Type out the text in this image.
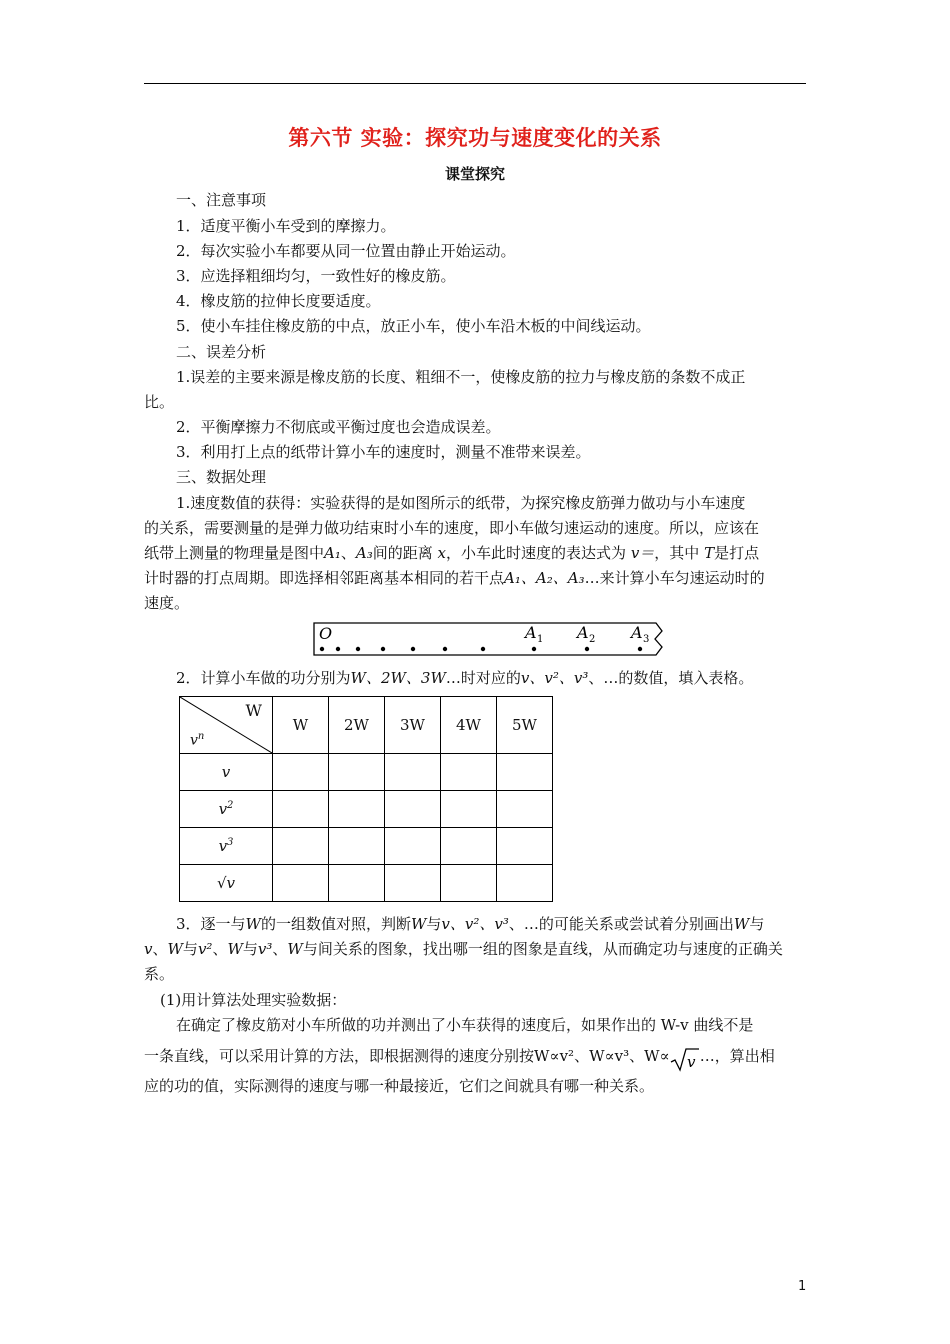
第六节 实验：探究功与速度变化的关系
课堂探究
一、注意事项
1．适度平衡小车受到的摩擦力。
2．每次实验小车都要从同一位置由静止开始运动。
3．应选择粗细均匀，一致性好的橡皮筋。
4．橡皮筋的拉伸长度要适度。
5．使小车挂住橡皮筋的中点，放正小车，使小车沿木板的中间线运动。
二、误差分析
1.误差的主要来源是橡皮筋的长度、粗细不一，使橡皮筋的拉力与橡皮筋的条数不成正
比。
2．平衡摩擦力不彻底或平衡过度也会造成误差。
3．利用打上点的纸带计算小车的速度时，测量不准带来误差。
三、数据处理
1.速度数值的获得：实验获得的是如图所示的纸带，为探究橡皮筋弹力做功与小车速度
的关系，需要测量的是弹力做功结束时小车的速度，即小车做匀速运动的速度。所以，应该在
纸带上测量的物理量是图中A₁、A₃间的距离 x，小车此时速度的表达式为 v＝，其中 T是打点
计时器的打点周期。即选择相邻距离基本相同的若干点A₁、A₂、A₃…来计算小车匀速运动时的
速度。
O	A 1 A 2 A 3
2．计算小车做的功分别为W、2W、3W…时对应的v、v²、v³、…的数值，填入表格。
W
$v^n$	W	2W	3W	4W	5W
v					
$v^2$					
$v^3$					
√v					
3．逐一与W的一组数值对照，判断W与v、v²、v³、…的可能关系或尝试着分别画出W与
v、W与v²、W与v³、W与间关系的图象，找出哪一组的图象是直线，从而确定功与速度的正确关
系。
(1)用计算法处理实验数据：
在确定了橡皮筋对小车所做的功并测出了小车获得的速度后，如果作出的 W-v 曲线不是
一条直线，可以采用计算的方法，即根据测得的速度分别按W∝v²、W∝v³、W∝ v …，算出相
应的功的值，实际测得的速度与哪一种最接近，它们之间就具有哪一种关系。
1
